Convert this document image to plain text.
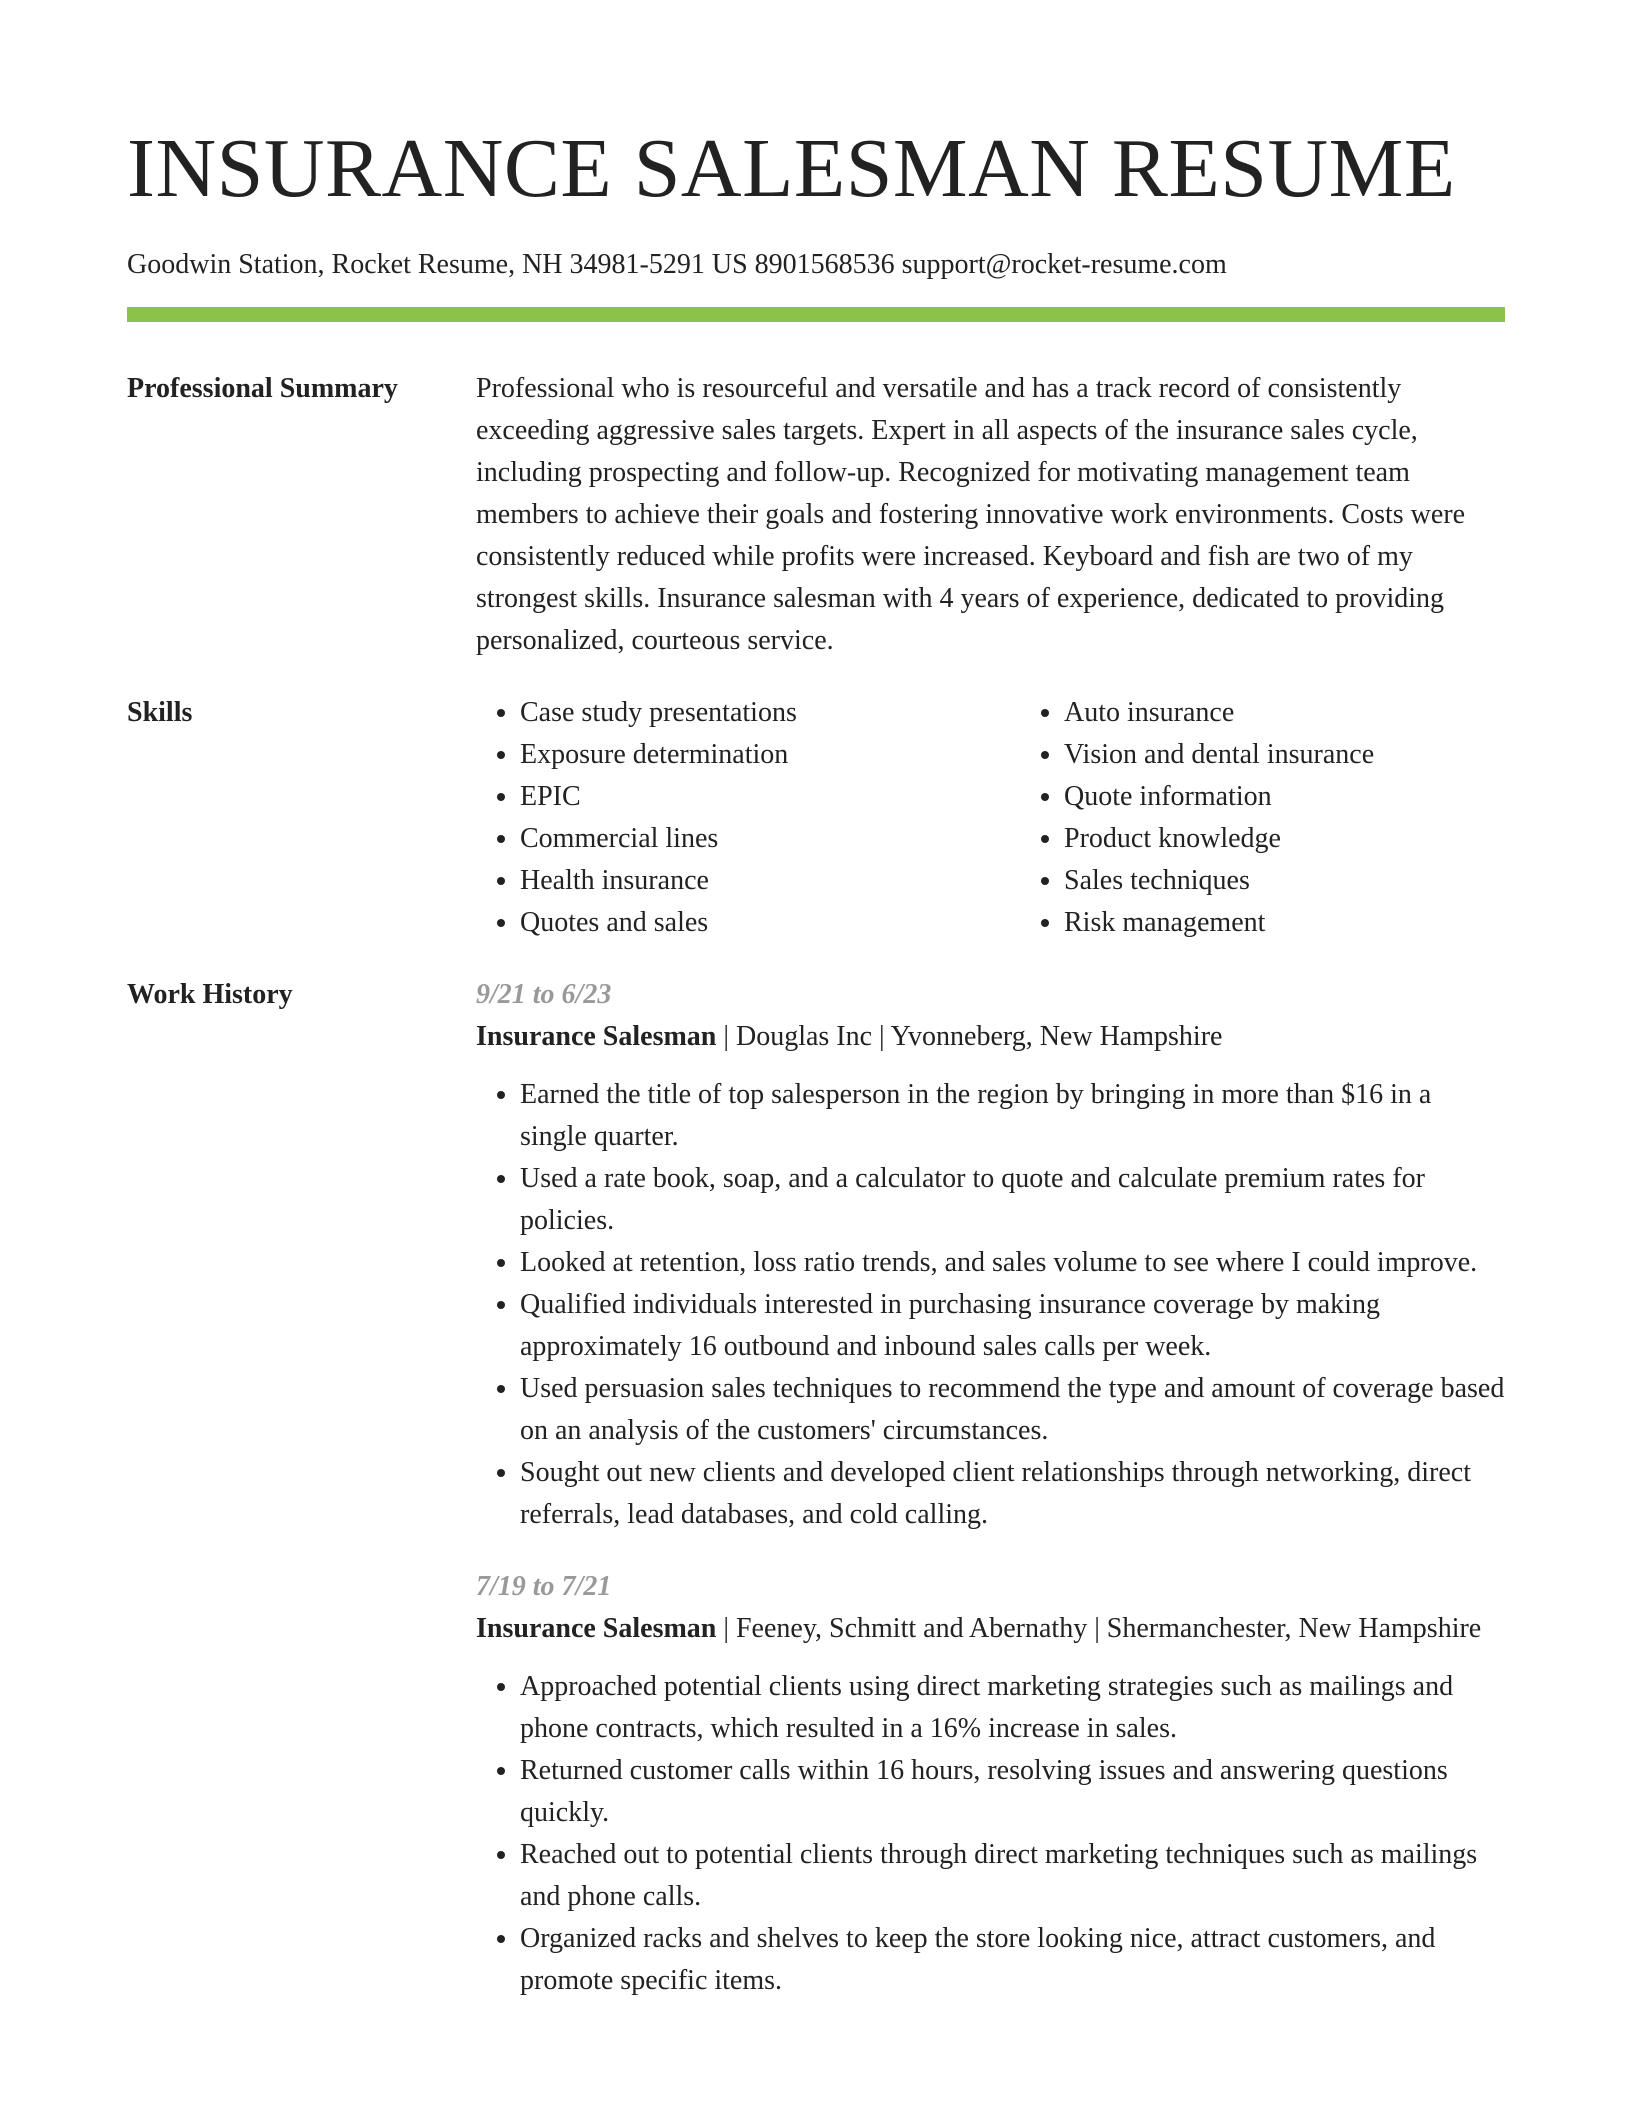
INSURANCE SALESMAN RESUME
Goodwin Station, Rocket Resume, NH 34981-5291 US 8901568536 support@rocket-resume.com
Professional Summary	Professional who is resourceful and versatile and has a track record of consistently exceeding aggressive sales targets. Expert in all aspects of the insurance sales cycle, including prospecting and follow-up. Recognized for motivating management team members to achieve their goals and fostering innovative work environments. Costs were consistently reduced while profits were increased. Keyboard and fish are two of my strongest skills. Insurance salesman with 4 years of experience, dedicated to providing personalized, courteous service.

Skills
•	Case study presentations
• Exposure determination
• EPIC
• Commercial lines
• Health insurance
• Quotes and sales
• Auto insurance
• Vision and dental insurance
• Quote information
• Product knowledge
• Sales techniques
• Risk management
Work History	9/21 to 6/23
Insurance Salesman | Douglas Inc | Yvonneberg, New Hampshire
• Earned the title of top salesperson in the region by bringing in more than $16 in a single quarter.
• Used a rate book, soap, and a calculator to quote and calculate premium rates for policies.
• Looked at retention, loss ratio trends, and sales volume to see where I could improve.
• Qualified individuals interested in purchasing insurance coverage by making approximately 16 outbound and inbound sales calls per week.
• Used persuasion sales techniques to recommend the type and amount of coverage based on an analysis of the customers' circumstances.
• Sought out new clients and developed client relationships through networking, direct referrals, lead databases, and cold calling.
7/19 to 7/21
Insurance Salesman | Feeney, Schmitt and Abernathy | Shermanchester, New Hampshire
• Approached potential clients using direct marketing strategies such as mailings and phone contracts, which resulted in a 16% increase in sales.
• Returned customer calls within 16 hours, resolving issues and answering questions quickly.
• Reached out to potential clients through direct marketing techniques such as mailings and phone calls.
• Organized racks and shelves to keep the store looking nice, attract customers, and promote specific items.
